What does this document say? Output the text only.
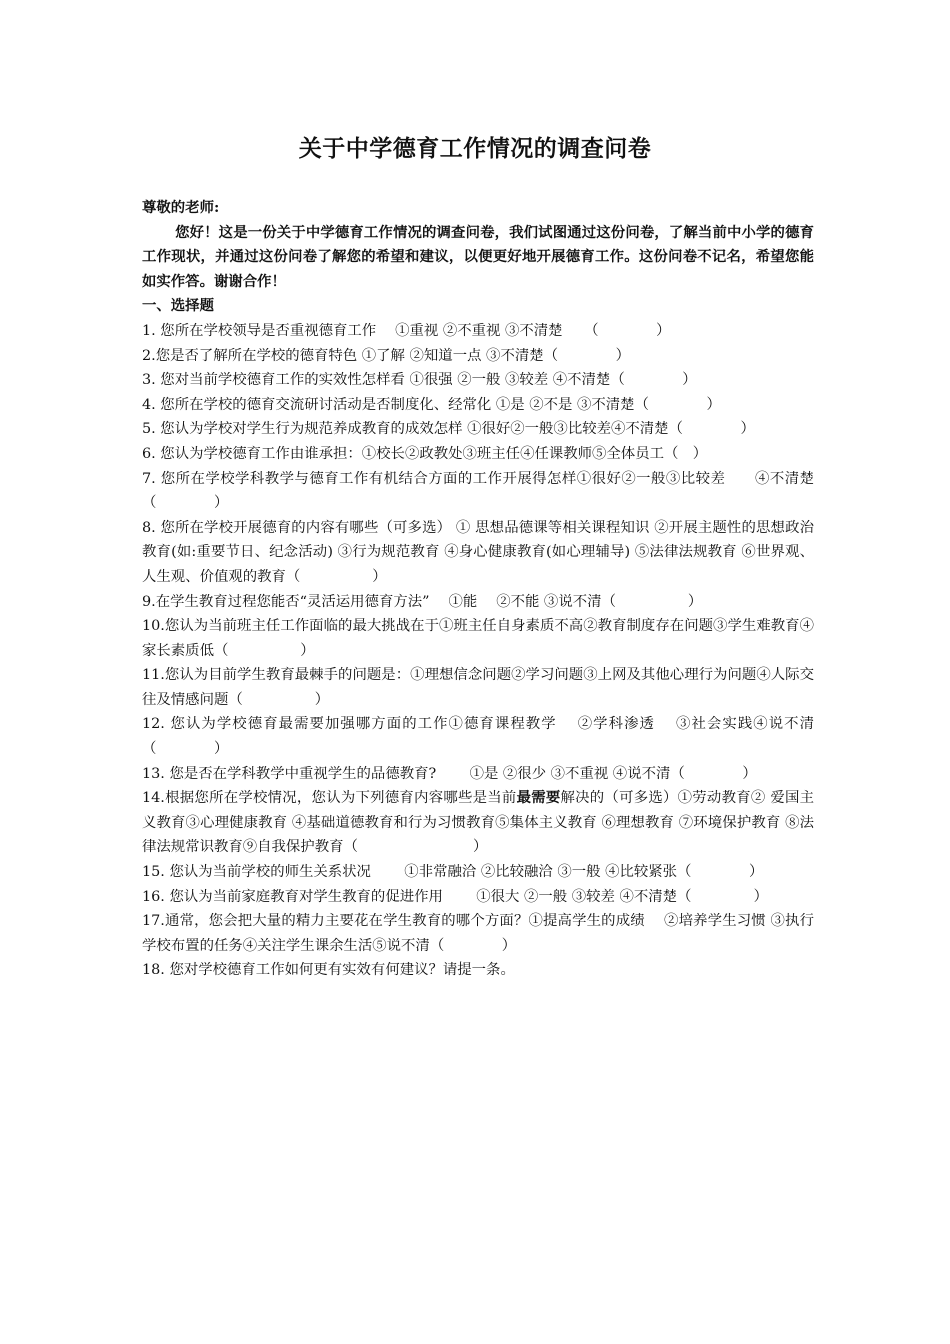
关于中学德育工作情况的调查问卷

尊敬的老师:

您好！这是一份关于中学德育工作情况的调查问卷，我们试图通过这份问卷，了解当前中小学的德育工作现状，并通过这份问卷了解您的希望和建议，以便更好地开展德育工作。这份问卷不记名，希望您能如实作答。谢谢合作！

一、选择题

1. 您所在学校领导是否重视德育工作　 ①重视 ②不重视 ③不清楚　　（　　　　）

2.您是否了解所在学校的德育特色 ①了解 ②知道一点 ③不清楚（　　　　）

3. 您对当前学校德育工作的实效性怎样看 ①很强 ②一般 ③较差 ④不清楚（　　　　）

4. 您所在学校的德育交流研讨活动是否制度化、经常化 ①是 ②不是 ③不清楚（　　　　）

5. 您认为学校对学生行为规范养成教育的成效怎样 ①很好②一般③比较差④不清楚（　　　　）

6. 您认为学校德育工作由谁承担：①校长②政教处③班主任④任课教师⑤全体员工（　）

7. 您所在学校学科教学与德育工作有机结合方面的工作开展得怎样①很好②一般③比较差　　④不清楚（　　　　）

8. 您所在学校开展德育的内容有哪些（可多选） ① 思想品德课等相关课程知识 ②开展主题性的思想政治教育(如:重要节日、纪念活动) ③行为规范教育 ④身心健康教育(如心理辅导) ⑤法律法规教育 ⑥世界观、人生观、价值观的教育（　　　　　）

9.在学生教育过程您能否“灵活运用德育方法”　 ①能　 ②不能 ③说不清（　　　　　）

10.您认为当前班主任工作面临的最大挑战在于①班主任自身素质不高②教育制度存在问题③学生难教育④家长素质低（　　　　　）

11.您认为目前学生教育最棘手的问题是：①理想信念问题②学习问题③上网及其他心理行为问题④人际交往及情感问题（　　　　　）

12. 您认为学校德育最需要加强哪方面的工作①德育课程教学　 ②学科渗透　 ③社会实践④说不清（　　　　）

13. 您是否在学科教学中重视学生的品德教育?　　 ①是 ②很少 ③不重视 ④说不清（　　　　）

14.根据您所在学校情况，您认为下列德育内容哪些是当前最需要解决的（可多选）①劳动教育② 爱国主义教育③心理健康教育 ④基础道德教育和行为习惯教育⑤集体主义教育 ⑥理想教育 ⑦环境保护教育 ⑧法律法规常识教育⑨自我保护教育（　　　　　　　　）

15. 您认为当前学校的师生关系状况　　 ①非常融洽 ②比较融洽 ③一般 ④比较紧张（　　　　）

16. 您认为当前家庭教育对学生教育的促进作用　　 ①很大 ②一般 ③较差 ④不清楚（　　　　 ）

17.通常，您会把大量的精力主要花在学生教育的哪个方面？①提高学生的成绩　 ②培养学生习惯 ③执行学校布置的任务④关注学生课余生活⑤说不清（　　　　）

18. 您对学校德育工作如何更有实效有何建议？请提一条。
